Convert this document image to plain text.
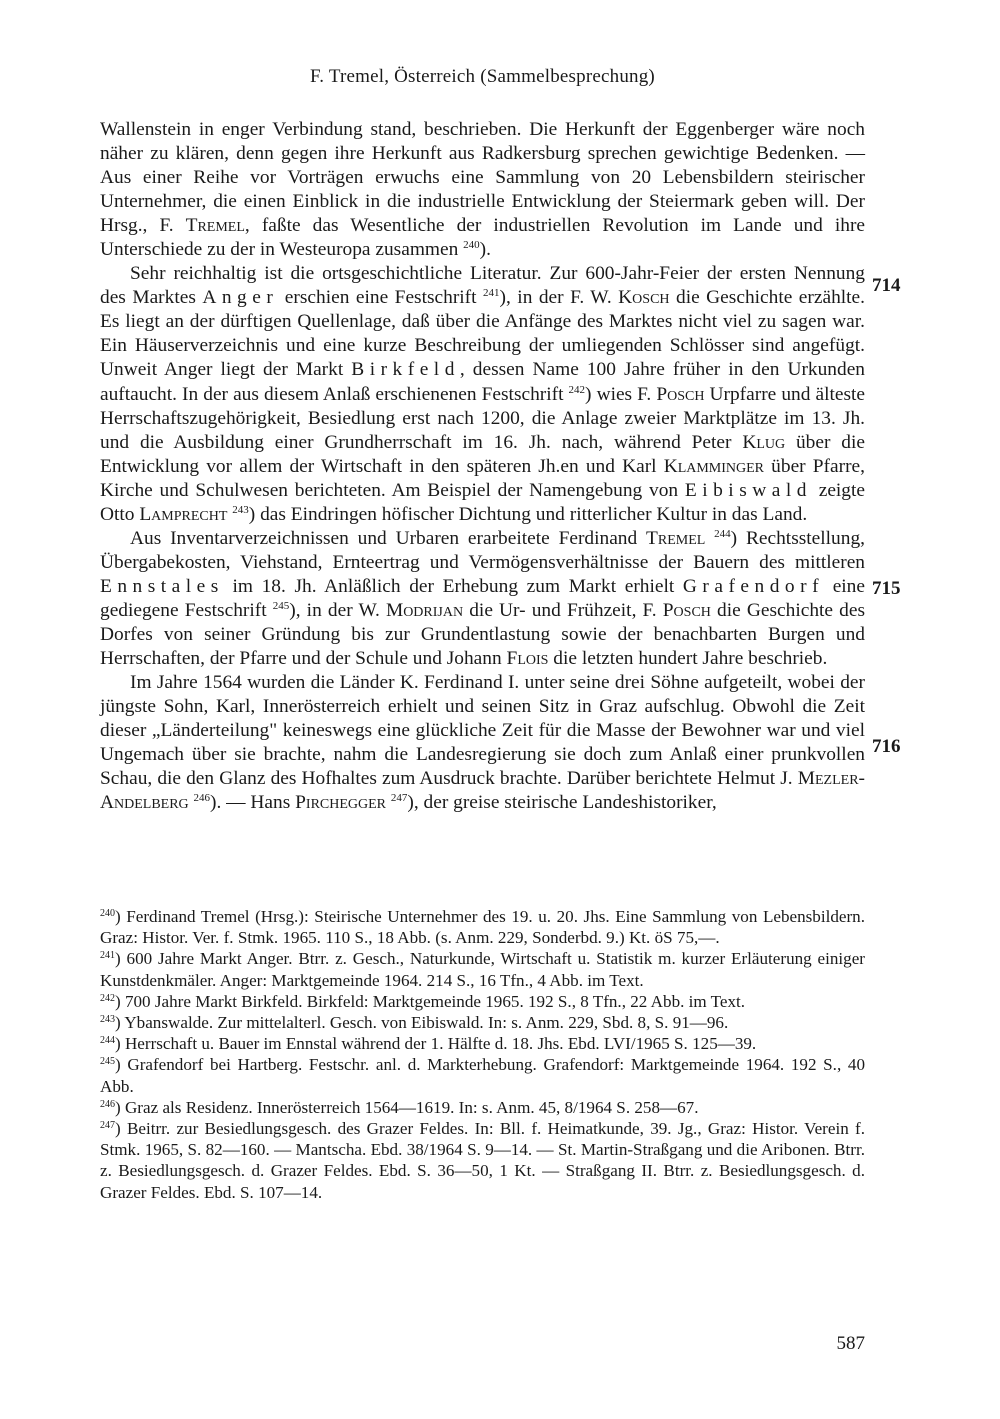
F. Tremel, Österreich (Sammelbesprechung)
714
715
716

Wallenstein in enger Verbindung stand, beschrieben. Die Herkunft der Eggenberger wäre noch näher zu klären, denn gegen ihre Herkunft aus Radkersburg sprechen gewichtige Bedenken. — Aus einer Reihe vor Vorträgen erwuchs eine Sammlung von 20 Lebensbildern steirischer Unternehmer, die einen Einblick in die industrielle Entwicklung der Steiermark geben will. Der Hrsg., F. Tremel, faßte das Wesentliche der industriellen Revolution im Lande und ihre Unterschiede zu der in Westeuropa zusammen $^{240}$).

Sehr reichhaltig ist die ortsgeschichtliche Literatur. Zur 600-Jahr-Feier der ersten Nennung des Marktes Anger erschien eine Festschrift $^{241}$), in der F. W. Kosch die Geschichte erzählte. Es liegt an der dürftigen Quellenlage, daß über die Anfänge des Marktes nicht viel zu sagen war. Ein Häuserverzeichnis und eine kurze Beschreibung der umliegenden Schlösser sind angefügt. Unweit Anger liegt der Markt Birkfeld, dessen Name 100 Jahre früher in den Urkunden auftaucht. In der aus diesem Anlaß erschienenen Festschrift $^{242}$) wies F. Posch Urpfarre und älteste Herrschaftszugehörigkeit, Besiedlung erst nach 1200, die Anlage zweier Marktplätze im 13. Jh. und die Ausbildung einer Grundherrschaft im 16. Jh. nach, während Peter Klug über die Entwicklung vor allem der Wirtschaft in den späteren Jh.en und Karl Klamminger über Pfarre, Kirche und Schulwesen berichteten. Am Beispiel der Namengebung von Eibiswald zeigte Otto Lamprecht $^{243}$) das Eindringen höfischer Dichtung und ritterlicher Kultur in das Land.

Aus Inventarverzeichnissen und Urbaren erarbeitete Ferdinand Tremel $^{244}$) Rechtsstellung, Übergabekosten, Viehstand, Ernteertrag und Vermögensverhältnisse der Bauern des mittleren Ennstales im 18. Jh. Anläßlich der Erhebung zum Markt erhielt Grafendorf eine gediegene Festschrift $^{245}$), in der W. Modrijan die Ur- und Frühzeit, F. Posch die Geschichte des Dorfes von seiner Gründung bis zur Grundentlastung sowie der benachbarten Burgen und Herrschaften, der Pfarre und der Schule und Johann Flois die letzten hundert Jahre beschrieb.

Im Jahre 1564 wurden die Länder K. Ferdinand I. unter seine drei Söhne aufgeteilt, wobei der jüngste Sohn, Karl, Innerösterreich erhielt und seinen Sitz in Graz aufschlug. Obwohl die Zeit dieser „Länderteilung" keineswegs eine glückliche Zeit für die Masse der Bewohner war und viel Ungemach über sie brachte, nahm die Landesregierung sie doch zum Anlaß einer prunkvollen Schau, die den Glanz des Hofhaltes zum Ausdruck brachte. Darüber berichtete Helmut J. Mezler-Andelberg $^{246}$). — Hans Pirchegger $^{247}$), der greise steirische Landeshistoriker,

$^{240}$) Ferdinand Tremel (Hrsg.): Steirische Unternehmer des 19. u. 20. Jhs. Eine Sammlung von Lebensbildern. Graz: Histor. Ver. f. Stmk. 1965. 110 S., 18 Abb. (s. Anm. 229, Sonderbd. 9.) Kt. öS 75,—.

$^{241}$) 600 Jahre Markt Anger. Btrr. z. Gesch., Naturkunde, Wirtschaft u. Statistik m. kurzer Erläuterung einiger Kunstdenkmäler. Anger: Marktgemeinde 1964. 214 S., 16 Tfn., 4 Abb. im Text.

$^{242}$) 700 Jahre Markt Birkfeld. Birkfeld: Marktgemeinde 1965. 192 S., 8 Tfn., 22 Abb. im Text.

$^{243}$) Ybanswalde. Zur mittelalterl. Gesch. von Eibiswald. In: s. Anm. 229, Sbd. 8, S. 91—96.

$^{244}$) Herrschaft u. Bauer im Ennstal während der 1. Hälfte d. 18. Jhs. Ebd. LVI/1965 S. 125—39.

$^{245}$) Grafendorf bei Hartberg. Festschr. anl. d. Markterhebung. Grafendorf: Marktgemeinde 1964. 192 S., 40 Abb.

$^{246}$) Graz als Residenz. Innerösterreich 1564—1619. In: s. Anm. 45, 8/1964 S. 258—67.

$^{247}$) Beitrr. zur Besiedlungsgesch. des Grazer Feldes. In: Bll. f. Heimatkunde, 39. Jg., Graz: Histor. Verein f. Stmk. 1965, S. 82—160. — Mantscha. Ebd. 38/1964 S. 9—14. — St. Martin-Straßgang und die Aribonen. Btrr. z. Besiedlungsgesch. d. Grazer Feldes. Ebd. S. 36—50, 1 Kt. — Straßgang II. Btrr. z. Besiedlungsgesch. d. Grazer Feldes. Ebd. S. 107—14.

587
